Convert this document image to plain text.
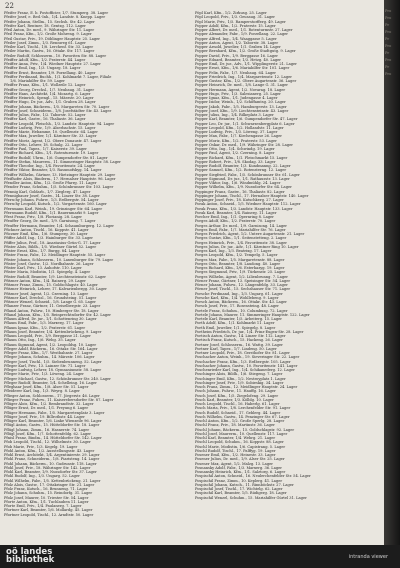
22
Pfeifer Franz, E. b. Postofficier, 1/7. Stumperg. 38. Lager
Pfeifer Josef, e. Bed.-Inh., 1/4. Landstr. 8. Knepp. Lager
Pfeifer Johann, Stellm., 15. Sechsh. Str. 42. Lager
Pfeifer Karl, Rentner, 18. Gentzg. 112. Lager
Pfeil Anton, Dr. med., 9. Währinger Str. 11. Lager
Pfeil Franz, Kfm., 1/2. Große Mohreng. 9. Lager
Pfeil Gustav, Priv., 19. Döblinger Hauptstr. 25. Lager
Pfeiler Josef, Zimm., 1/3. Rennweg 61. Lager
Pfeiler Karl, Tischl., 1/8. Lerchenf. Str. 33. Lager
Pfeiler Martin, Gastw., 16. Ottakr. Str. 117. Lager
Pfeiler Rudolf, Schlosserm., 10. Favoriten Str. 88. Lager
Pfeiffer Adolf, Kfm., 1/2. Praterstr. 44. Lager
Pfeiffer Anna, Priv., 1/4. Wiedner Hauptstr. 27. Lager
Pfeiffer Emil, Ing., 1/3. Ungarg. 18. Lager
Pfeiffer Ernst, Beamter, 1/9. Porzellang. 40. Lager
Pfeiffer Ferdinand, Buchh., 1/1. Kohlmarkt 7. Lager, Filiale
1/6. Mariahilfer Str. 59. Lager
Pfeiffer Franz, Kfm., 1/1. Wollzeile 12. Lager
Pfeiffer Georg, Drechsl., 1/7. Neubaug. 31. Lager
Pfeiffer Hans, Architekt, 1/4. Mozartg. 6. Lager
Pfeiffer Heinrich, Spengl., 15. Märzstr. 20. Lager
Pfeiffer Hugo, Dr. jur., Adv., 1/1. Graben 28. Lager
Pfeiffer Johann, Bäckerm., 1/5. Margareten Str. 70. Lager
Pfeiffer Josef, Schneiderm., 1/8. Josefstädter Str. 43. Lager
Pfeiffer Julius, Fabr., 1/2. Taborstr. 52. Lager
Pfeiffer Karl, Gastw., 16. Thaliastr. 36. Lager
Pfeiffer Leopold, Fleischh., 1/3. Landstr. Hauptstr. 94. Lager
Pfeiffer Ludwig, Priv., 1/9. Alserbachstr. 15. Lager
Pfeiffer Marie, Hebamme, 10. Quellenstr. 64. Lager
Pfeiffer Max, Juwelier, 1/1. Kärntner Str. 33. Lager
Pfeiffer Moriz, Agent, 1/2. Obere Donaustr. 47. Lager
Pfeiffer Otto, Lehrer, 18. Schulg. 22. Lager
Pfeiffer Paul, Tapez., 1/7. Kaiserstr. 39. Lager
Pfeiffer Richard, Kfm., 1/1. Rotenturmstr. 19. Lager
Pfeiffer Rudolf, Uhrm., 1/6. Gumpendorfer Str. 81. Lager
Pfeiffer Stefan, Maurerm., 11. Simmeringer Hauptstr. 58. Lager
Pfeiffer Theodor, Ing., 1/4. Favoritenstr. 24. Lager
Pfeiffer Viktor, Beamter, 1/3. Rasumofskyg. 14. Lager
Pfeiffer Wilhelm, Gärtner, 13. Hietzinger Hauptstr. 29. Lager
Pfeifhofer Alois, Binderm., 17. Hernalser Hauptstr. 96. Lager
Pfendler Anton, Kfm., 1/2. Große Pfarrg. 11. Lager
Pfender Franz, Schuhm., 1/5. Schönbrunner Str. 103. Lager
Pfennig Karl, Goldarb., 1/7. Zieglerg. 47. Lager
Pfennigbauer Josef, Gastw., 14. Linzer Str. 38. Lager
Pferschy Johann, Fuhrw., 1/3. Erdbergstr. 54. Lager
Pferschy Leopold, Kutsch., 1/2. Vorgartenstr. 160. Lager
Pfersmann Karl, Weinh., 19. Grinzinger Str. 64. Lager
Pfersmann Rudolf, Kfm., 1/1. Bauernmarkt 9. Lager
Pfest Franz, Priv., 1/8. Florianig. 28. Lager
Pfeuffer Georg, Dr. med., 1/9. Garnisong. 7. Lager
Pfeuffer Hermann, Beamter, 1/4. Schaumburgerg. 12. Lager
Pfichner Anton, Tischl., 16. Koppstr. 41. Lager
Pficzner Emil, Kfm., 1/6. Stumperg. 30. Lager
Pfiffer Adolf, Ing., 1/3. Hainburger Str. 33. Lager
Pfiffer Julius, Prof., 18. Anastasius-Grün-G. 17. Lager
Pfister Alois, Bildh., 1/5. Wiedner Gürtel 52. Lager
Pfister Ernst, Kfm., 1/7. Burgg. 84. Lager
Pfister Franz, Fabr., 12. Meidlinger Hauptstr. 55. Lager
Pfister Johann, Schlosserm., 10. Laxenburger Str. 79. Lager
Pfister Josef, Gastw., 1/2. Nordbahnstr. 26. Lager
Pfister Karl, Priv., 13. Auhofstr. 110. Lager
Pfister Maria, Modistin, 1/1. Spiegelg. 4. Lager
Pfister Rudolf, Beamter, 1/9. Liechtensteinstr. 62. Lager
Pfitzner Anton, Kfm., 1/4. Rainerg. 29. Lager
Pfitzner Franz, Zimm., 15. Goldschlagstr. 40. Lager
Pfitzner Heinrich, Lehrer, 17. Kalvarienbergg. 30. Lager
Pfitzner Josef, Agent, 1/2. Czerning. 13. Lager
Pfitzner Karl, Drechsl., 16. Grundsteing. 51. Lager
Pfitzner Wenzel, Schneid., 1/8. Lange G. 65. Lager
Pflanzer Franz, Gärtner, 11. Geiselbergstr. 23. Lager
Pflanzl Anton, Fuhrw., 10. Himberger Str. 18. Lager
Pflanzl Johann, Kfm., 1/5. Reinprechtsdorfer Str. 42. Lager
Pflaum Alfred, Dr. jur., 1/1. Schottenring 30. Lager
Pflaum Emil, Fabr., 1/3. Marxerg. 17. Lager
Pflaum Ignaz, Kfm., 1/2. Praterstr. 61. Lager
Pflaum Josef, Beamter, 1/4. Kettenbrückeng. 9. Lager
Pflaum Leopold, Priv., 1/9. Berggasse 21. Lager
Pflaum Otto, Ing., 1/6. Webg. 35. Lager
Pflaum Sigmund, Agent, 1/2. Leopoldsg. 10. Lager
Pfleger Adolf, Bäckerm., 16. Ottakr. Str. 164. Lager
Pfleger Franz, Kfm., 1/7. Westbahnstr. 27. Lager
Pfleger Johann, Schuhm., 14. Märzstr. 106. Lager
Pfleger Josef, Tischl., 1/5. Siebenbrunneng. 52. Lager
Pfleger Karl, Priv., 13. Lainzer Str. 71. Lager
Pfleger Ludwig, Lehrer, 18. Gymnasiumstr. 58. Lager
Pfleger Marie, Priv., 1/3. Löweng. 24. Lager
Pfleger Michael, Gastw., 12. Schönbrunner Str. 240. Lager
Pfleger Rudolf, Beamter, 1/4. Schelleing. 16. Lager
Pfleghaar Josef, Kfm., 1/8. Alser Str. 51. Lager
Pfleiderer Karl, Ing., 1/3. Weyrg. 8. Lager
Pflieger Anton, Schlosserm., 17. Jörgerstr. 46. Lager
Pflieger Franz, Fuhrw., 11. Kaiserebersdorfer Str. 87. Lager
Pflüger Alois, Kfm., 1/2. Rembrandtstr. 32. Lager
Pflüger Ernst, Dr. med., 1/1. Freyung 6. Lager
Pflüger Hermann, Fabr., 1/5. Margaretenplatz 3. Lager
Pflüger Josef, Priv., 19. Billrothstr. 44. Lager
Pflüger Karl, Beamter, 1/6. Linke Wienzeile 96. Lager
Pflügl Anton, Gastw., 15. Hütteldorfer Str. 18. Lager
Pflügl Johann, Zimm., 16. Hasnerstr. 74. Lager
Pflügl Josef, Kfm., 1/7. Schottenfeldg. 62. Lager
Pfnisl Franz, Bindm., 14. Hütteldorfer Str. 142. Lager
Pfob Leopold, Tischl., 12. Wilhelmstr. 30. Lager
Pfob Marie, Priv., 1/3. Kegelg. 19. Lager
Pfohl Anton, Kfm., 1/2. Ausstellungsstr. 43. Lager
Pfohl Ernst, Architekt, 1/4. Argentinierstr. 29. Lager
Pfohl Franz, Schneiderm., 1/8. Piaristeng. 14. Lager
Pfohl Johann, Bäckerm., 10. Gudrunstr. 118. Lager
Pfohl Josef, Priv., 18. Währinger Str. 142. Lager
Pfohl Karl, Beamter, 1/9. Nussdorfer Str. 37. Lager
Pfohl Rudolf, Ing., 1/3. Ungarg. 52. Lager
Pfohl Wilhelm, Fabr., 1/5. Kettenbrückeng. 21. Lager
Pfolz Alois, Gastw., 17. Ottakringer Str. 21. Lager
Pfolz Franz, Kutsch., 16. Brunneng. 71. Lager
Pfolz Johann, Schuhm., 15. Reindorfg. 31. Lager
Pfolz Josef, Maurer, 10. Triester Str. 54. Lager
Pforte Anton, Kfm., 1/1. Tuchlauben 11. Lager
Pforte Emil, Priv., 1/4. Paulanerg. 7. Lager
Pfortner Karl, Beamter, 1/6. Mollardg. 45. Lager
Pfortner Leopold, Tischl., 12. Arndtstr. 50. Lager
Pöpl Karl, Kfm., 1/2. Zirkusg. 25. Lager
Pöpl Leopold, Priv., 1/3. Geusaug. 31. Lager
Pöpl Marie, Priv., 1/5. Ramperstorfferg. 49. Lager
Popper Adolf, Kfm., 1/2. Praterstr. 15. Lager
Popper Albert, Dr. med., 1/1. Rotenturmstr. 27. Lager
Popper Alexander, Fabr., 1/9. Porzellang. 22. Lager
Popper Alfred, Ing., 1/4. Waaggasse 5. Lager
Popper Anton, Agent, 1/2. Taborstr. 38. Lager
Popper Arnold, Juwelier, 1/1. Graben 14. Lager
Popper Bernhard, Kfm., 1/2. Große Stadtgutg. 9. Lager
Popper David, Priv., 1/9. Berggasse 16. Lager
Popper Eduard, Beamter, 1/3. Hetzg. 40. Lager
Popper Emil, Dr. jur., Adv., 1/1. Wipplingerstr. 21. Lager
Popper Ernst, Kfm., 1/6. Mariahilfer Str. 101. Lager
Popper Felix, Fabr., 1/7. Neubaug. 64. Lager
Popper Friedrich, Ing., 1/4. Margaretenstr. 12. Lager
Popper Gustav, Kfm., 1/2. Obere Augartenstr. 36. Lager
Popper Heinrich, Dr. med., 1/8. Lange G. 31. Lager
Popper Hermann, Agent, 1/2. Novarag. 18. Lager
Popper Hugo, Priv., 1/3. Salesianerg. 25. Lager
Popper Ignaz, Kfm., 1/1. Judengasse 4. Lager
Popper Isidor, Weinh., 1/2. Schiffamtsg. 20. Lager
Popper Jakob, Fabr., 1/5. Hamburgerstr. 13. Lager
Popper Josef, Kfm., 1/9. Liechtensteinstr. 43. Lager
Popper Julius, Ing., 1/4. Rilkeplatz 3. Lager
Popper Karl, Beamter, 1/6. Gumpendorfer Str. 47. Lager
Popper Leo, Dr. jur., 1/1. Schwarzenbergplatz 6. Lager
Popper Leopold, Kfm., 1/2. Hollandstr. 11. Lager
Popper Ludwig, Priv., 1/3. Löweng. 37. Lager
Popper Max, Fabr., 1/7. Kirchengasse 26. Lager
Popper Moriz, Kfm., 1/2. Praterstr. 53. Lager
Popper Oskar, Dr. med., 1/9. Währinger Str. 28. Lager
Popper Otto, Ing., 1/4. Schwindg. 19. Lager
Popper Paul, Agent, 1/2. Czerning. 8. Lager
Popper Richard, Kfm., 1/1. Fleischmarkt 15. Lager
Popper Robert, Priv., 1/8. Skodag. 33. Lager
Popper Rudolf, Beamter, 1/3. Kundmanng. 22. Lager
Popper Samuel, Kfm., 1/2. Rotensterng. 12. Lager
Popper Siegfried, Fabr., 1/5. Schönbrunner Str. 61. Lager
Popper Sigmund, Dr. jur., 1/1. Rathausstr. 13. Lager
Popper Viktor, Ing., 1/6. Windmühlg. 24. Lager
Popper Wilhelm, Kfm., 1/9. Nussdorfer Str. 64. Lager
Poppinger Franz, Gastw., 16. Thaliastr. 82. Lager
Poppinger Johann, Tischl., 17. Hernalser Hauptstr. 140. Lager
Poppinger Josef, Priv., 18. Kutschkerg. 27. Lager
Porak Anton, Schneid., 1/5. Wiedner Hauptstr. 112. Lager
Porak Franz, Kfm., 1/3. Landstr. Hauptstr. 133. Lager
Porak Karl, Beamter, 1/4. Rainerg. 11. Lager
Porcher Emil, Ing., 1/1. Opernring 8. Lager
Porges Adolf, Kfm., 1/2. Praterstr. 70. Lager
Porges Arthur, Dr. med., 1/9. Garnisong. 14. Lager
Porges Emil, Fabr., 1/7. Mariahilfer Str. 76. Lager
Porges Friedrich, Agent, 1/2. Untere Augartenstr. 21. Lager
Porges Gustav, Kfm., 1/1. Seitenstetteng. 2. Lager
Porges Heinrich, Priv., 1/4. Favoritenstr. 38. Lager
Porges Julius, Dr. jur., Adv., 1/1. Kärntner Ring 10. Lager
Porges Karl, Ing., 1/3. Beatrixg. 17. Lager
Porges Leopold, Kfm., 1/2. Tempelg. 5. Lager
Porges Max, Fabr., 1/5. Margaretenstr. 88. Lager
Porges Otto, Beamter, 1/8. Laudong. 40. Lager
Porges Richard, Kfm., 1/6. Esterhazyg. 19. Lager
Porges Siegmund, Priv., 1/9. Türkenstr. 25. Lager
Porges Wilhelm, Agent, 1/2. Lilienbrunng. 7. Lager
Pörner Franz, Gärtner, 13. Speisinger Str. 54. Lager
Pörner Johann, Fuhrw., 12. Längenfeldg. 33. Lager
Pörner Josef, Tischl., 15. Sechshauser Str. 71. Lager
Porsche Ferdinand, Ing., 1/3. Ungarg. 61. Lager
Porsche Karl, Kfm., 1/4. Wohllebeng. 9. Lager
Porsch Anton, Bäckerm., 16. Ottakr. Str. 43. Lager
Porsch Josef, Priv., 17. Rosensteing. 48. Lager
Portele Franz, Schuhm., 10. Columbusg. 72. Lager
Portele Johann, Maurer, 11. Simmeringer Hauptstr. 122. Lager
Portele Karl, Beamter, 1/5. Arbeiterg. 15. Lager
Porth Adolf, Kfm., 1/1. Kohlmarkt 11. Lager
Porth Emil, Juwelier, 1/1. Spiegelg. 8. Lager
Portheim Friedrich, Dr. jur., 1/4. Prinz-Eugen-Str. 28. Lager
Portisch Anton, Gastw., 14. Linzer Str. 112. Lager
Portisch Franz, Kutsch., 15. Hackeng. 26. Lager
Portner Josef, Schlosserm., 16. Wattg. 39. Lager
Portner Karl, Tapez., 1/7. Lindeng. 50. Lager
Portner Leopold, Priv., 18. Gersthofer Str. 81. Lager
Poschacher Anton, Weinh., 19. Sieveringer Str. 22. Lager
Poschacher Franz, Kfm., 1/3. Erdbergstr. 105. Lager
Poschacher Johann, Gastw., 10. Favoritenstr. 141. Lager
Poschenrieder Karl, Ing., 1/4. Schikanederg. 12. Lager
Poschinger Alois, Bildh., 1/6. Stiegeng. 7. Lager
Poschinger Emil, Kfm., 1/2. Nestroyplatz 1. Lager
Poschinger Josef, Priv., 1/9. Sobieskig. 34. Lager
Posch Franz, Zimm., 12. Meidlinger Hauptstr. 24. Lager
Posch Johann, Fuhrw., 11. Hauffg. 16. Lager
Posch Josef, Kfm., 1/5. Ziegelofeng. 29. Lager
Posch Karl, Beamter, 1/3. Kölblg. 10. Lager
Posch Leopold, Tischl., 16. Haberlg. 61. Lager
Posch Maria, Priv., 1/8. Lerchenfelder Str. 91. Lager
Posch Rudolf, Schneid., 17. Geblerg. 44. Lager
Posch Wilhelm, Gastw., 14. Penzinger Str. 67. Lager
Poschl Anton, Kfm., 1/2. Große Sperlg. 28. Lager
Pöschl Franz, Priv., 18. Martinstr. 36. Lager
Pöschl Johann, Bäckerm., 15. Goldschlagstr. 92. Lager
Pöschl Josef, Maurerm., 10. Quellenstr. 117. Lager
Pöschl Karl, Beamter, 1/4. Wehrg. 21. Lager
Pöschl Leopold, Schuhm., 16. Koppstr. 88. Lager
Pöschl Marie, Modistin, 1/6. Capistrang. 5. Lager
Pöschl Rudolf, Tischl., 17. Palffyg. 19. Lager
Posener Emil, Kfm., 1/2. Heinestr. 33. Lager
Posener Julius, Dr. med., 1/9. Alser Str. 25. Lager
Posener Max, Agent, 1/2. Malzg. 13. Lager
Posnansky Adolf, Fabr., 1/3. Marxerg. 36. Lager
Posnansky Heinrich, Kfm., 1/1. Salztorg. 6. Lager
Pospischil Anton, Schneid., 16. Neulerchenfelder Str. 54. Lager
Pospischil Franz, Zimm., 10. Keplerg. 41. Lager
Pospischil Johann, Kutsch., 11. Rinnböckstr. 27. Lager
Pospischil Josef, Tischl., 17. Wichtelg. 62. Lager
Pospischil Karl, Beamter, 1/5. Rüdigerg. 18. Lager
Pospischil Wenzel, Schuhm., 15. Mariahilfer Gürtel 31. Lager
Pro
Pro
Pr
Pro
Pr
Pro
Pr
Pro
Pr
Pro
oö landes
bibliothek	intranda viewer
